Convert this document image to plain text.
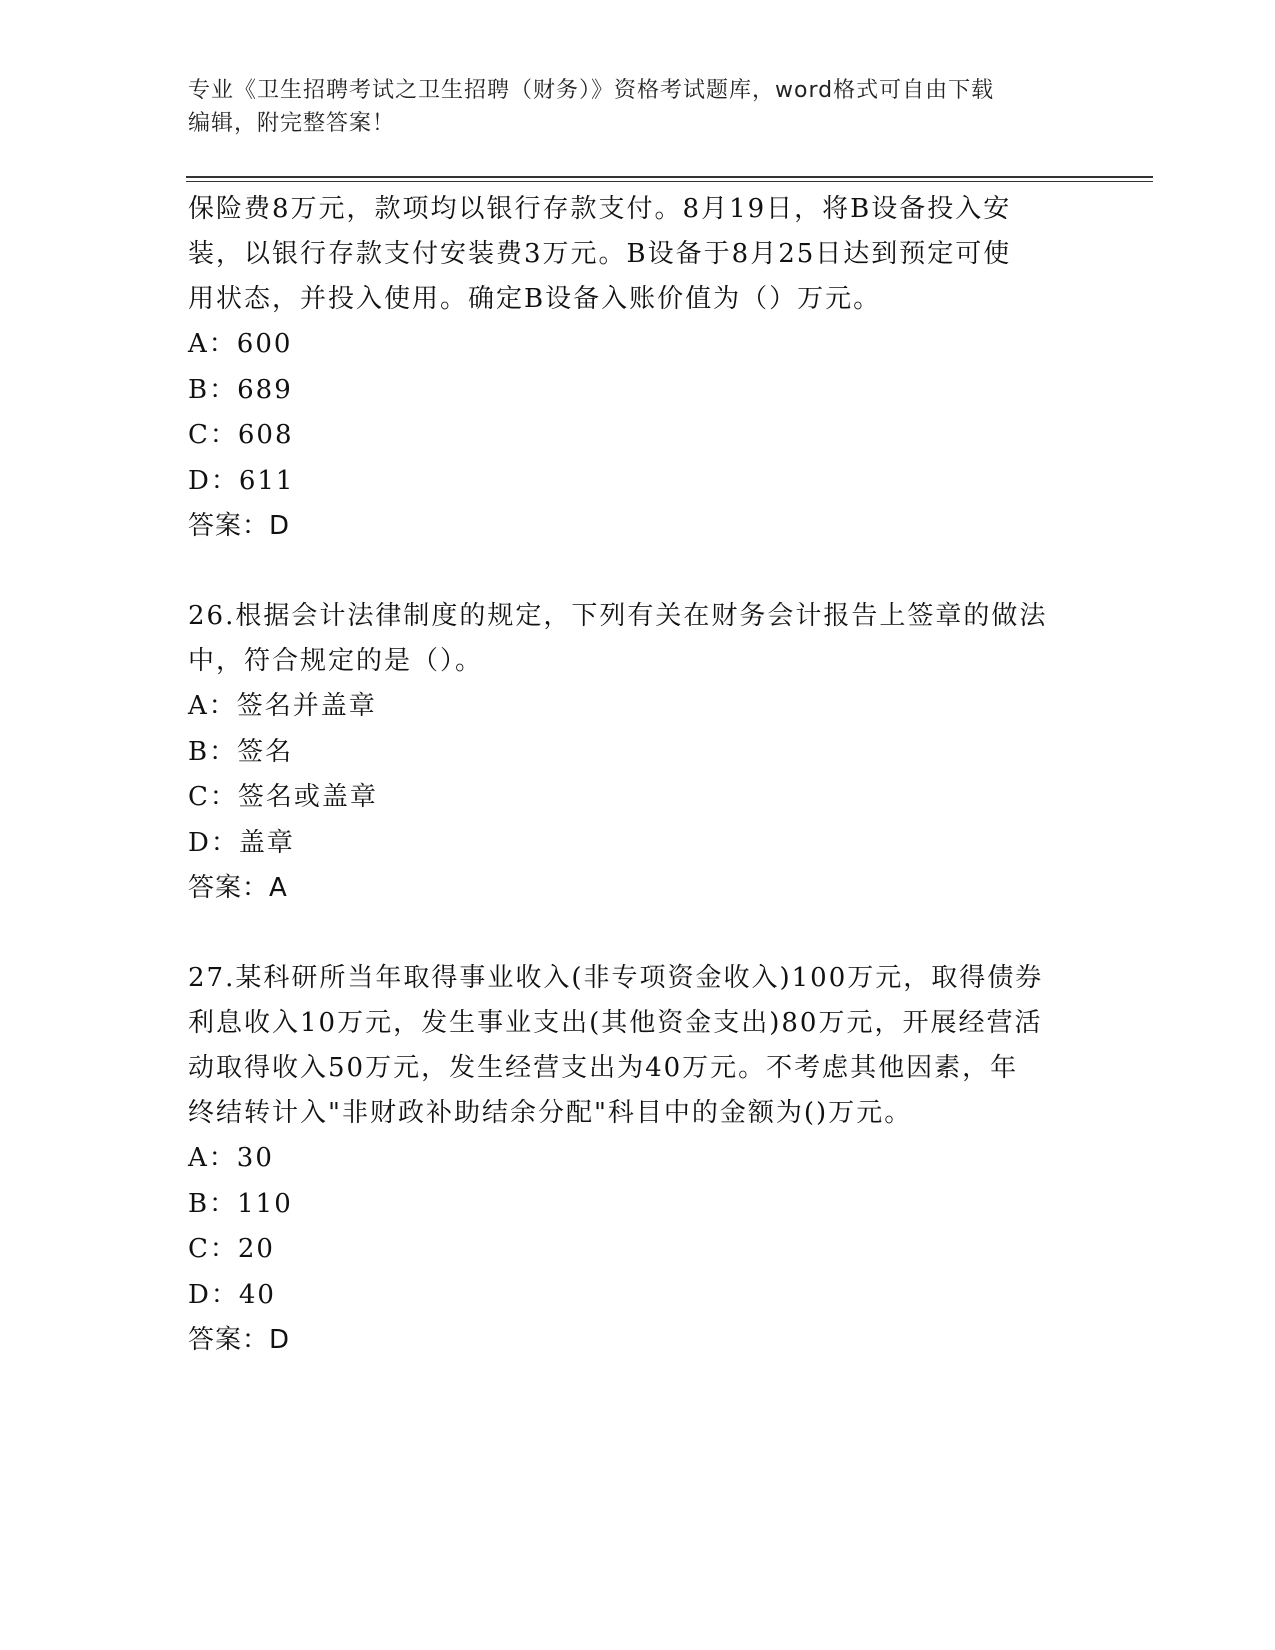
专业《卫生招聘考试之卫生招聘（财务）》资格考试题库，word格式可自由下载
编辑，附完整答案！
保险费8万元，款项均以银行存款支付。8月19日，将B设备投入安
装，以银行存款支付安装费3万元。B设备于8月25日达到预定可使
用状态，并投入使用。确定B设备入账价值为（）万元。
A：600
B：689
C：608
D：611
答案：D
26.根据会计法律制度的规定，下列有关在财务会计报告上签章的做法
中，符合规定的是（）。
A：签名并盖章
B：签名
C：签名或盖章
D：盖章
答案：A
27.某科研所当年取得事业收入(非专项资金收入)100万元，取得债券
利息收入10万元，发生事业支出(其他资金支出)80万元，开展经营活
动取得收入50万元，发生经营支出为40万元。不考虑其他因素，年
终结转计入"非财政补助结余分配"科目中的金额为()万元。
A：30
B：110
C：20
D：40
答案：D
